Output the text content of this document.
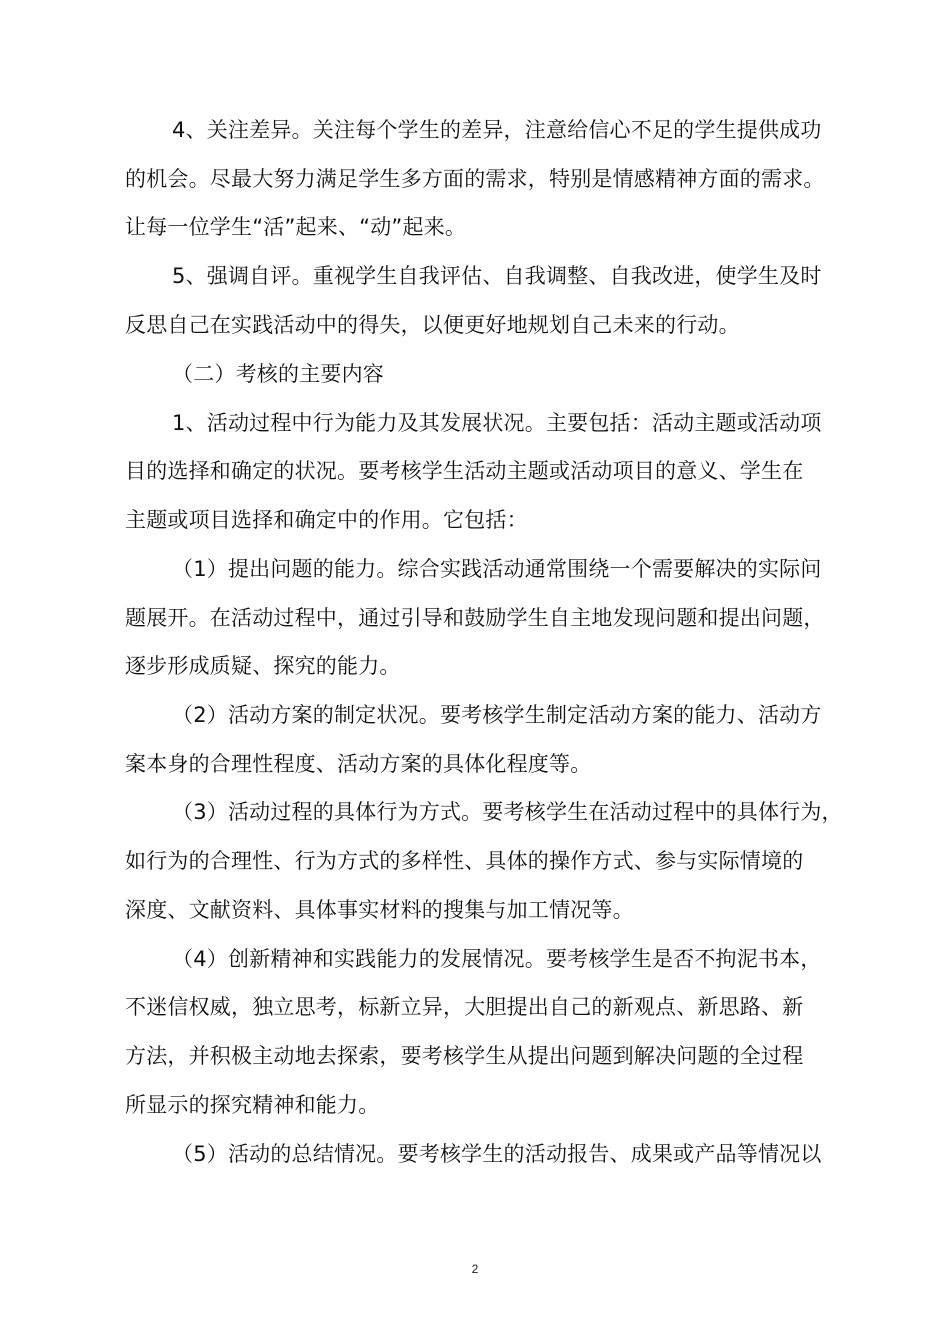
4、关注差异。关注每个学生的差异，注意给信心不足的学生提供成功
的机会。尽最大努力满足学生多方面的需求，特别是情感精神方面的需求。
让每一位学生“活”起来、“动”起来。
5、强调自评。重视学生自我评估、自我调整、自我改进，使学生及时
反思自己在实践活动中的得失，以便更好地规划自己未来的行动。
（二）考核的主要内容
1、活动过程中行为能力及其发展状况。主要包括：活动主题或活动项
目的选择和确定的状况。要考核学生活动主题或活动项目的意义、学生在
主题或项目选择和确定中的作用。它包括：
（1）提出问题的能力。综合实践活动通常围绕一个需要解决的实际问
题展开。在活动过程中，通过引导和鼓励学生自主地发现问题和提出问题，
逐步形成质疑、探究的能力。
（2）活动方案的制定状况。要考核学生制定活动方案的能力、活动方
案本身的合理性程度、活动方案的具体化程度等。
（3）活动过程的具体行为方式。要考核学生在活动过程中的具体行为，
如行为的合理性、行为方式的多样性、具体的操作方式、参与实际情境的
深度、文献资料、具体事实材料的搜集与加工情况等。
（4）创新精神和实践能力的发展情况。要考核学生是否不拘泥书本，
不迷信权威，独立思考，标新立异，大胆提出自己的新观点、新思路、新
方法，并积极主动地去探索，要考核学生从提出问题到解决问题的全过程
所显示的探究精神和能力。
（5）活动的总结情况。要考核学生的活动报告、成果或产品等情况以
2
